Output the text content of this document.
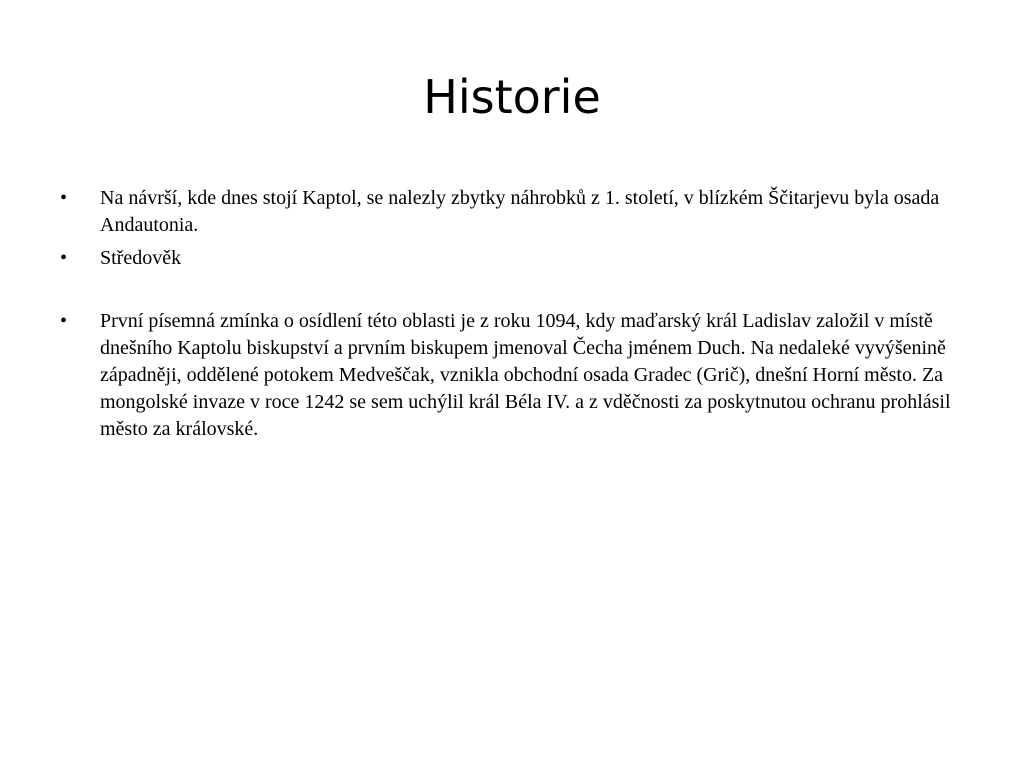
Historie
•	Na návrší, kde dnes stojí Kaptol, se nalezly zbytky náhrobků z 1. století, v blízkém Ščitarjevu byla osada Andautonia.
•	Středověk
•	První písemná zmínka o osídlení této oblasti je z roku 1094, kdy maďarský král Ladislav založil v místě dnešního Kaptolu biskupství a prvním biskupem jmenoval Čecha jménem Duch. Na nedaleké vyvýšenině západněji, oddělené potokem Medveščak, vznikla obchodní osada Gradec (Grič), dnešní Horní město. Za mongolské invaze v roce 1242 se sem uchýlil král Béla IV. a z vděčnosti za poskytnutou ochranu prohlásil město za královské.
